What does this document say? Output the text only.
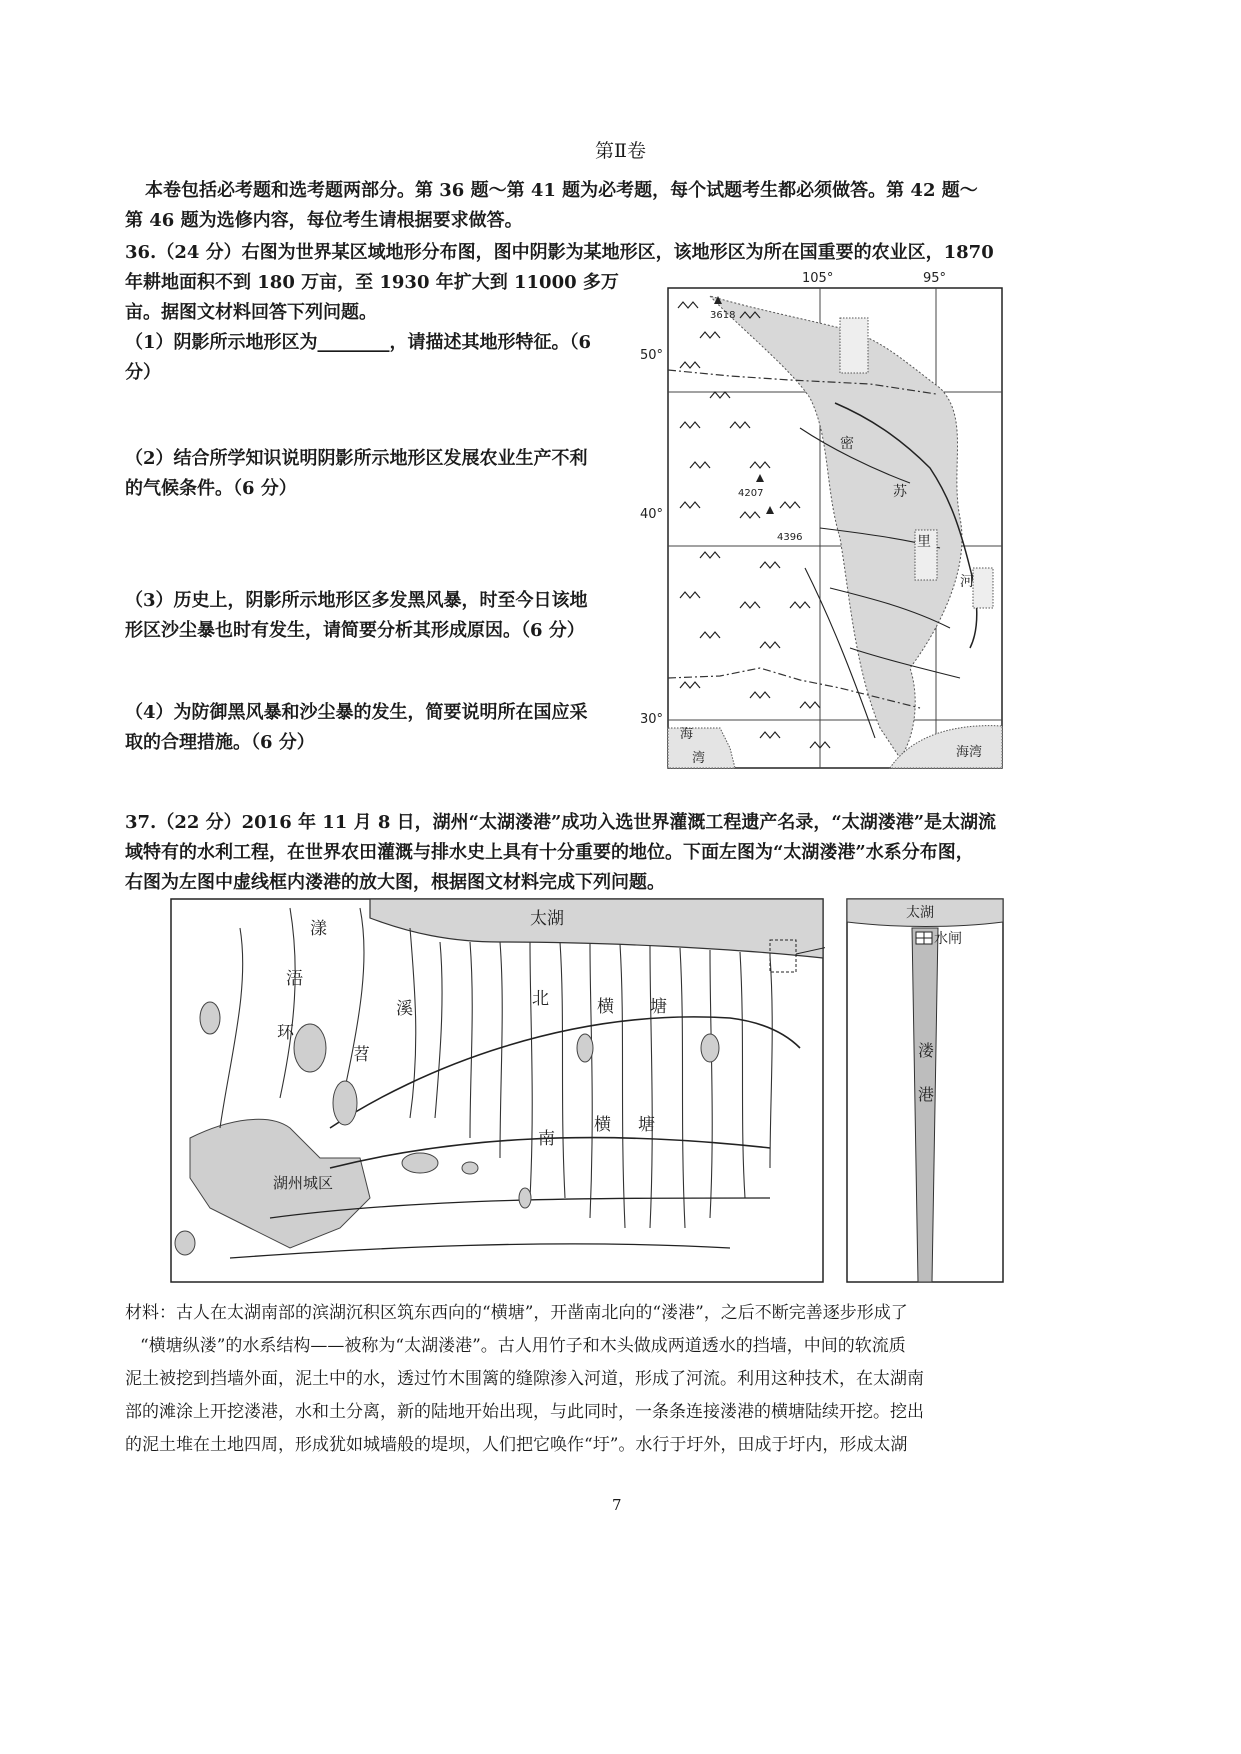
第Ⅱ卷
本卷包括必考题和选考题两部分。第 36 题～第 41 题为必考题，每个试题考生都必须做答。第 42 题～
第 46 题为选修内容，每位考生请根据要求做答。
36.（24 分）右图为世界某区域地形分布图，图中阴影为某地形区，该地形区为所在国重要的农业区，1870
年耕地面积不到 180 万亩，至 1930 年扩大到 11000 多万
亩。据图文材料回答下列问题。
（1）阴影所示地形区为________，请描述其地形特征。（6
分）
（2）结合所学知识说明阴影所示地形区发展农业生产不利
的气候条件。（6 分）
（3）历史上，阴影所示地形区多发黑风暴，时至今日该地
形区沙尘暴也时有发生，请简要分析其形成原因。（6 分）
（4）为防御黑风暴和沙尘暴的发生，简要说明所在国应采
取的合理措施。（6 分）
105°	95°
50°
40°
30°
3618
4207
4396
密
苏
里
河
海
湾	海湾
37.（22 分）2016 年 11 月 8 日，湖州“太湖溇港”成功入选世界灌溉工程遗产名录，“太湖溇港”是太湖流
域特有的水利工程，在世界农田灌溉与排水史上具有十分重要的地位。下面左图为“太湖溇港”水系分布图，
右图为左图中虚线框内溇港的放大图，根据图文材料完成下列问题。
太湖
漾
浯
环
溪
苕
北	横 塘
南
横 塘
湖州城区
太湖
水闸
溇
港
材料：古人在太湖南部的滨湖沉积区筑东西向的“横塘”，开凿南北向的“溇港”，之后不断完善逐步形成了
“横塘纵溇”的水系结构——被称为“太湖溇港”。古人用竹子和木头做成两道透水的挡墙，中间的软流质
泥土被挖到挡墙外面，泥土中的水，透过竹木围篱的缝隙渗入河道，形成了河流。利用这种技术，在太湖南
部的滩涂上开挖溇港，水和土分离，新的陆地开始出现，与此同时，一条条连接溇港的横塘陆续开挖。挖出
的泥土堆在土地四周，形成犹如城墙般的堤坝，人们把它唤作“圩”。水行于圩外，田成于圩内，形成太湖
7
